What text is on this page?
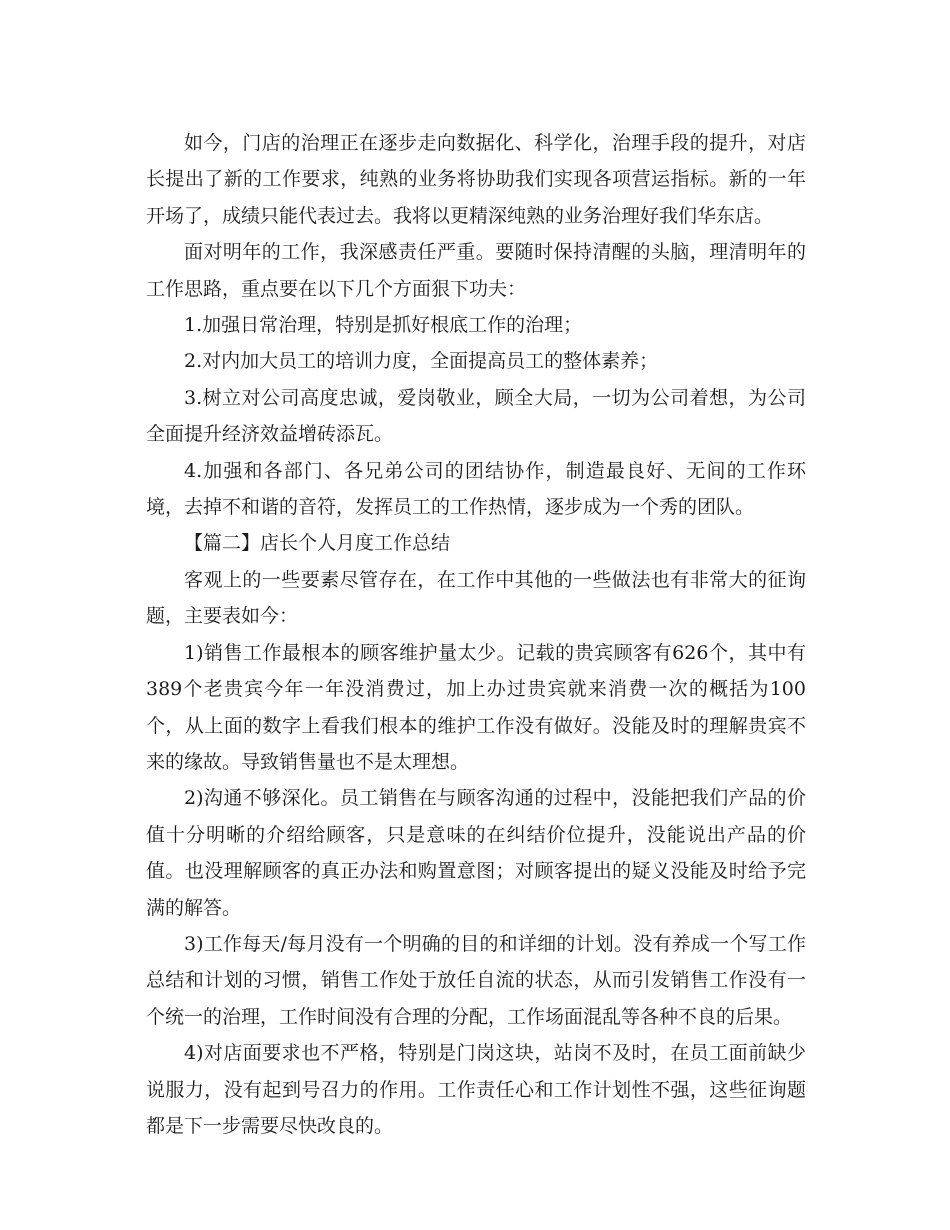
如今，门店的治理正在逐步走向数据化、科学化，治理手段的提升，对店长提出了新的工作要求，纯熟的业务将协助我们实现各项营运指标。新的一年开场了，成绩只能代表过去。我将以更精深纯熟的业务治理好我们华东店。

面对明年的工作，我深感责任严重。要随时保持清醒的头脑，理清明年的工作思路，重点要在以下几个方面狠下功夫：

1.加强日常治理，特别是抓好根底工作的治理；

2.对内加大员工的培训力度，全面提高员工的整体素养；

3.树立对公司高度忠诚，爱岗敬业，顾全大局，一切为公司着想，为公司全面提升经济效益增砖添瓦。

4.加强和各部门、各兄弟公司的团结协作，制造最良好、无间的工作环境，去掉不和谐的音符，发挥员工的工作热情，逐步成为一个秀的团队。

【篇二】店长个人月度工作总结

客观上的一些要素尽管存在，在工作中其他的一些做法也有非常大的征询题，主要表如今：

1)销售工作最根本的顾客维护量太少。记载的贵宾顾客有626个，其中有389个老贵宾今年一年没消费过，加上办过贵宾就来消费一次的概括为100个，从上面的数字上看我们根本的维护工作没有做好。没能及时的理解贵宾不来的缘故。导致销售量也不是太理想。

2)沟通不够深化。员工销售在与顾客沟通的过程中，没能把我们产品的价值十分明晰的介绍给顾客，只是意味的在纠结价位提升，没能说出产品的价值。也没理解顾客的真正办法和购置意图；对顾客提出的疑义没能及时给予完满的解答。

3)工作每天/每月没有一个明确的目的和详细的计划。没有养成一个写工作总结和计划的习惯，销售工作处于放任自流的状态，从而引发销售工作没有一个统一的治理，工作时间没有合理的分配，工作场面混乱等各种不良的后果。

4)对店面要求也不严格，特别是门岗这块，站岗不及时，在员工面前缺少说服力，没有起到号召力的作用。工作责任心和工作计划性不强，这些征询题都是下一步需要尽快改良的。
